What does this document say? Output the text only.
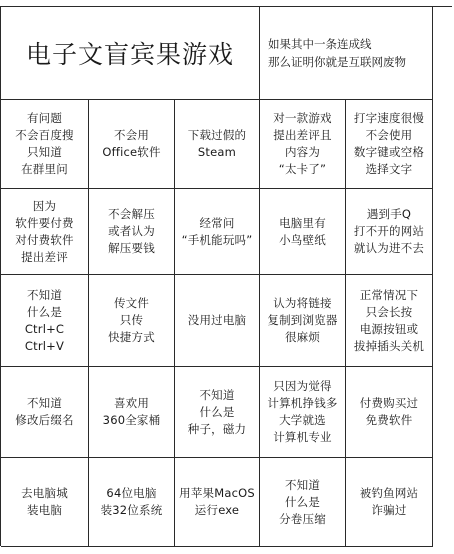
电子文盲宾果游戏	如果其中一条连成线
那么证明你就是互联网废物
有问题
不会百度搜
只知道
在群里问
不会用
Office软件
下载过假的
Steam
对一款游戏
提出差评且
内容为
“太卡了”
打字速度很慢
不会使用
数字键或空格
选择文字
因为
软件要付费
对付费软件
提出差评
不会解压
或者认为
解压要钱
经常问
“手机能玩吗”
电脑里有
小鸟壁纸
遇到手Q
打不开的网站
就认为进不去
不知道
什么是
Ctrl+C
Ctrl+V
传文件
只传
快捷方式
没用过电脑
认为将链接
复制到浏览器
很麻烦
正常情况下
只会长按
电源按钮或
拔掉插头关机
不知道
修改后缀名
喜欢用
360全家桶
不知道
什么是
种子，磁力
只因为觉得
计算机挣钱多
大学就选
计算机专业
付费购买过
免费软件
去电脑城
装电脑
64位电脑
装32位系统
用苹果MacOS
运行exe
不知道
什么是
分卷压缩
被钓鱼网站
诈骗过
